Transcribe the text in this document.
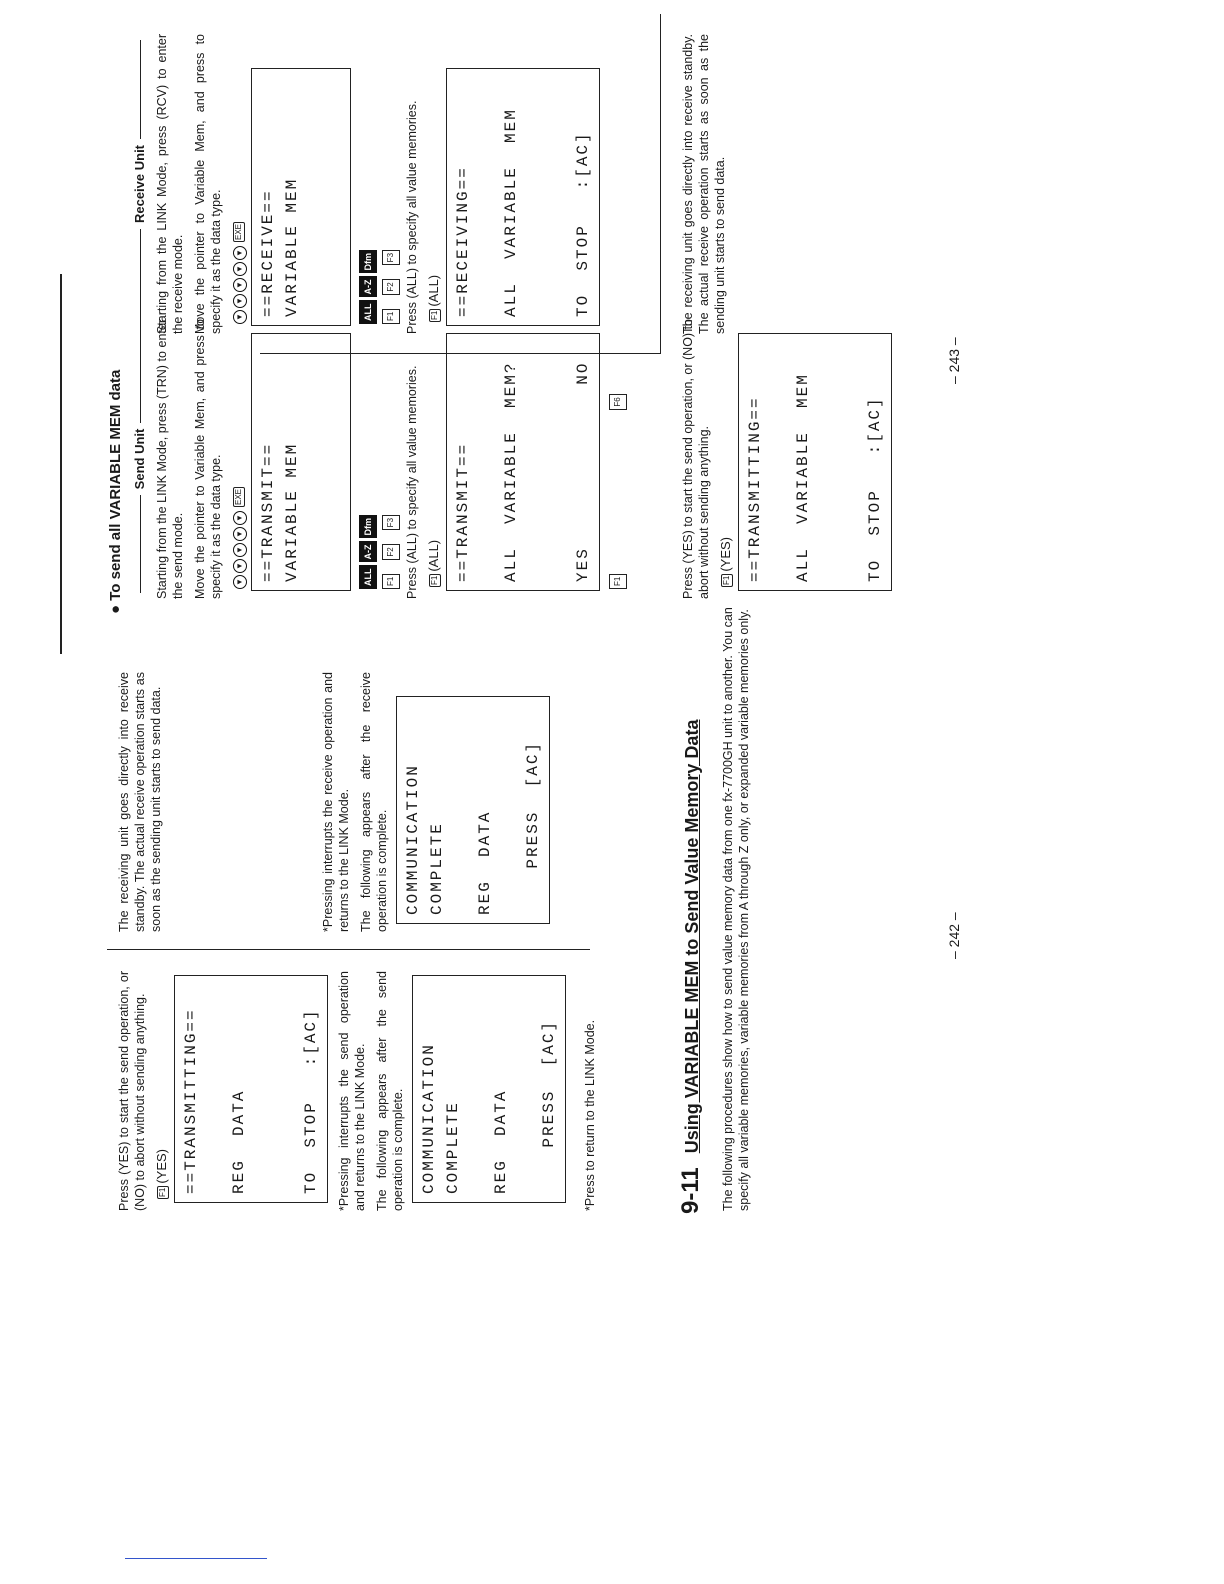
Press (YES) to start the send operation, or (NO) to abort without sending anything.	F1(YES) ==TRANSMITTING==

REG  DATA

TO  STOP   :[AC]	*Pressing interrupts the send operation and returns to the LINK Mode. The following appears after the send operation is complete. COMMUNICATION
COMPLETE

REG  DATA

PRESS  [AC]	*Press to return to the LINK Mode.

The receiving unit goes directly into receive standby. The actual receive operation starts as soon as the sending unit starts to send data.	*Pressing interrupts the receive operation and returns to the LINK Mode. The following appears after the receive operation is complete. COMMUNICATION
COMPLETE

REG  DATA

PRESS  [AC]
9-11Using VARIABLE MEM to Send Value Memory Data The following procedures show how to send value memory data from one fx-7700GH unit to another. You can specify all variable memories, variable memories from A through Z only, or expanded variable memories only.	– 242 –
● To send all VARIABLE MEM data Send Unit Starting from the LINK Mode, press (TRN) to enter the send mode. Move the pointer to Variable Mem, and press to specify it as the data type.	▼▼▼▼▼EXE	==TRANSMIT==
VARIABLE MEM
ALLA-ZDfm
F1F2F3 Press (ALL) to specify all value memories.	F1(ALL) ==TRANSMIT==

ALL  VARIABLE  MEM?

YES              NO
F1F6
Receive Unit Starting from the LINK Mode, press (RCV) to enter the receive mode. Move the pointer to Variable Mem, and press to specify it as the data type.	▼▼▼▼▼EXE	==RECEIVE==
VARIABLE MEM
ALLA-ZDfm
F1F2F3 Press (ALL) to specify all value memories.	F1(ALL) ==RECEIVING==

ALL  VARIABLE  MEM

TO  STOP   :[AC]

Press (YES) to start the send operation, or (NO) to abort without sending anything.	F1(YES) ==TRANSMITTING==

ALL  VARIABLE  MEM

TO  STOP   :[AC]

The receiving unit goes directly into receive standby. The actual receive operation starts as soon as the sending unit starts to send data.

– 243 –
